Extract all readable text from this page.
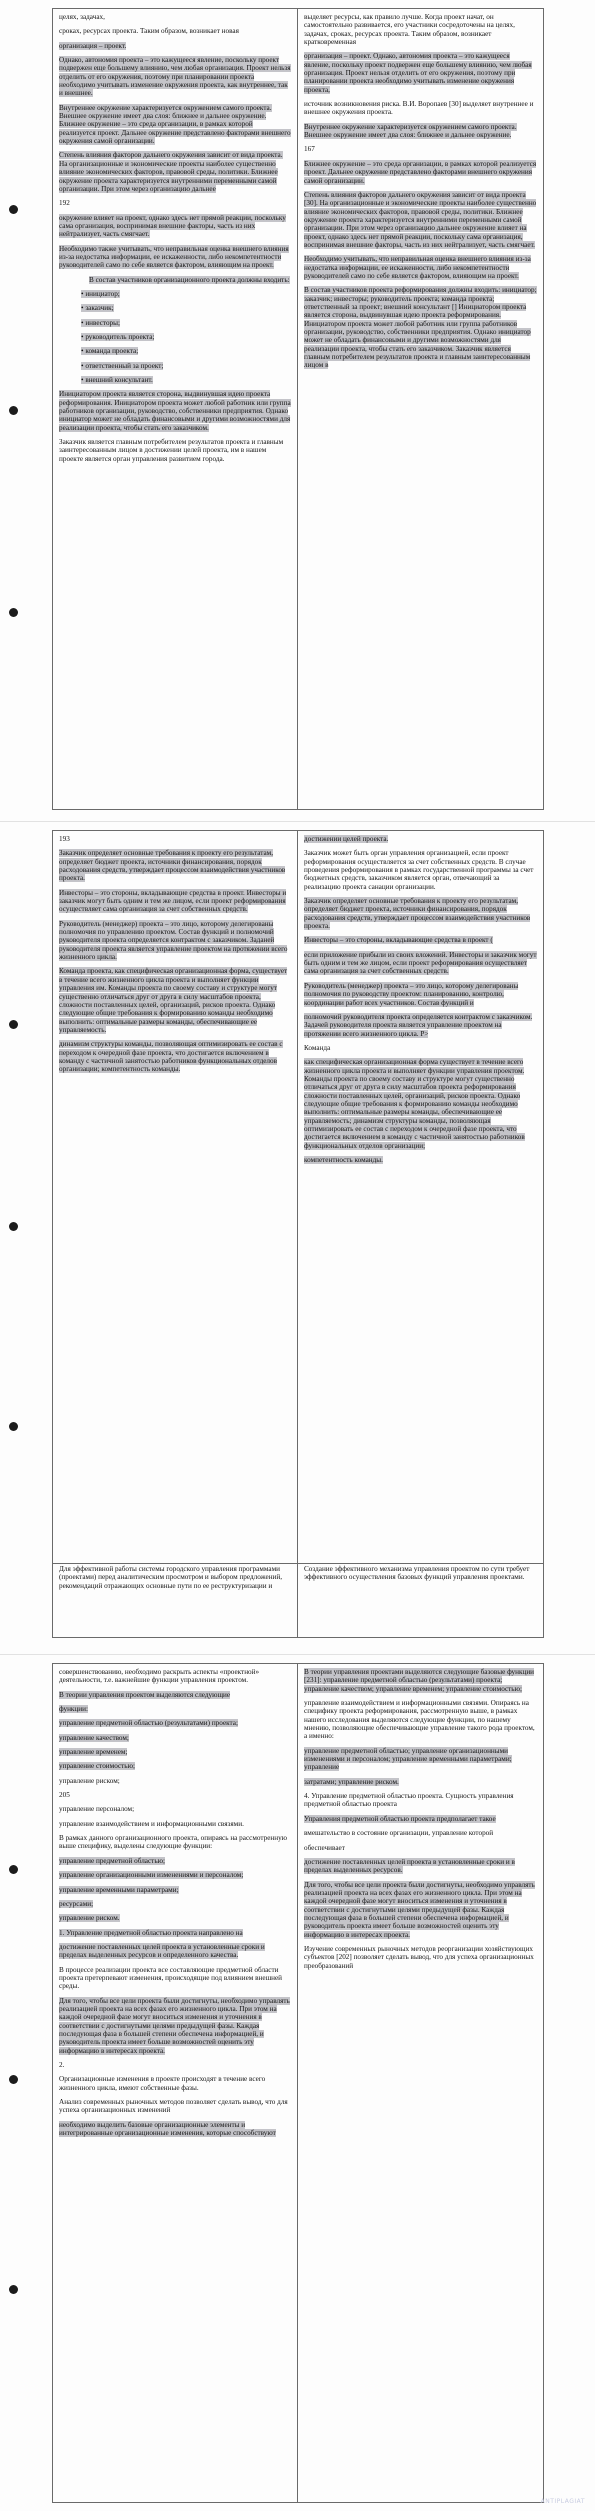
целях, задачах,

сроках, ресурсах проекта. Таким образом, возникает новая

организация – проект.

Однако, автономия проекта – это кажущееся явление, поскольку проект подвержен еще большему влиянию, чем любая организация. Проект нельзя отделить от его окружения, поэтому при планировании проекта необходимо учитывать изменение окружения проекта, как внутреннее, так и внешнее.

Внутреннее окружение характеризуется окружением самого проекта. Внешнее окружение имеет два слоя: ближнее и дальнее окружение. Ближнее окружение – это среда организации, в рамках которой реализуется проект. Дальнее окружение представлено факторами внешнего окружения самой организации.

Степень влияния факторов дальнего окружения зависит от вида проекта. На организационные и экономические проекты наиболее существенно влияние экономических факторов, правовой среды, политики. Ближнее окружение проекта характеризуется внутренними переменными самой организации. При этом через организацию дальнее

192

окружение влияет на проект, однако здесь нет прямой реакции, поскольку сама организация, воспринимая внешние факторы, часть из них нейтрализует, часть смягчает.

Необходимо также учитывать, что неправильная оценка внешнего влияния из-за недостатка информации, ее искаженности, либо некомпетентности руководителей само по себе является фактором, влияющим на проект.

В состав участников организационного проекта должны входить:

• инициатор;

• заказчик;

• инвесторы;

• руководитель проекта;

• команда проекта;

• ответственный за проект;

• внешний консультант.

Инициатором проекта является сторона, выдвинувшая идею проекта реформирования. Инициатором проекта может любой работник или группа работников организации, руководство, собственники предприятия. Однако инициатор может не обладать финансовыми и другими возможностями для реализации проекта, чтобы стать его заказчиком.

Заказчик является главным потребителем результатов проекта и главным заинтересованным лицом в достижении целей проекта, им в нашем проекте является орган управления развитием города.

выделяет ресурсы, как правило лучше. Когда проект начат, он самостоятельно развивается, его участники сосредоточены на целях, задачах, сроках, ресурсах проекта. Таким образом, возникает кратковременная

организация – проект. Однако, автономия проекта – это кажущееся явление, поскольку проект подвержен еще большему влиянию, чем любая организация. Проект нельзя отделить от его окружения, поэтому при планировании проекта необходимо учитывать изменение окружения проекта,

источник возникновения риска. В.И. Воропаев [30] выделяет внутреннее и внешнее окружения проекта.

Внутреннее окружение характеризуется окружением самого проекта. Внешнее окружение имеет два слоя: ближнее и дальнее окружение.

167

Ближнее окружение – это среда организации, в рамках которой реализуется проект. Дальнее окружение представлено факторами внешнего окружения самой организации.

Степень влияния факторов дальнего окружения зависит от вида проекта [30]. На организационные и экономические проекты наиболее существенно влияние экономических факторов, правовой среды, политики. Ближнее окружение проекта характеризуется внутренними переменными самой организации. При этом через организацию дальнее окружение влияет на проект, однако здесь нет прямой реакции, поскольку сама организация, воспринимая внешние факторы, часть из них нейтрализует, часть смягчает.

Необходимо учитывать, что неправильная оценка внешнего влияния из-за недостатка информации, ее искаженности, либо некомпетентности руководителей само по себе является фактором, влияющим на проект.

В состав участников проекта реформирования должны входить: инициатор; заказчик; инвесторы; руководитель проекта; команда проекта; ответственный за проект; внешний консультант [] Инициатором проекта является сторона, выдвинувшая идею проекта реформирования. Инициатором проекта может любой работник или группа работников организации, руководство, собственники предприятия. Однако инициатор может не обладать финансовыми и другими возможностями для реализации проекта, чтобы стать его заказчиком. Заказчик является главным потребителем результатов проекта и главным заинтересованным лицом в

193

Заказчик определяет основные требования к проекту его результатам, определяет бюджет проекта, источники финансирования, порядок расходования средств, утверждает процессом взаимодействия участников проекта.

Инвесторы – это стороны, вкладывающие средства в проект. Инвесторы и заказчик могут быть одним и тем же лицом, если проект реформирования осуществляет сама организация за счет собственных средств.

Руководитель (менеджер) проекта – это лицо, которому делегированы полномочия по управлению проектом. Состав функций и полномочий руководителя проекта определяется контрактом с заказчиком. Заданей руководителя проекта является управление проектом на протяжении всего жизненного цикла.

Команда проекта, как специфическая организационная форма, существует в течение всего жизненного цикла проекта и выполняет функции управления им. Команды проекта по своему составу и структуре могут существенно отличаться друг от друга в силу масштабов проекта, сложности поставленных целей, организаций, рисков проекта. Однако следующие общие требования к формированию команды необходимо выполнить: оптимальные размеры команды, обеспечивающие ее управляемость.

динамизм структуры команды, позволяющая оптимизировать ее состав с переходом к очередной фазе проекта, что достигается включением в команду с частичной занятостью работников функциональных отделов организации; компетентность команды.

достижении целей проекта.

Заказчик может быть орган управления организацией, если проект реформирования осуществляется за счет собственных средств. В случае проведения реформирования в рамках государственной программы за счет бюджетных средств, заказчиком является орган, отвечающий за реализацию проекта санации организации.

Заказчик определяет основные требования к проекту его результатам, определяет бюджет проекта, источники финансирования, порядок расходования средств, утверждает процессом взаимодействия участников проекта.

Инвесторы – это стороны, вкладывающие средства в проект (

если приложение прибыли из своих вложений. Инвесторы и заказчик могут быть одним и тем же лицом, если проект реформирования осуществляет сама организация за счет собственных средств.

Руководитель (менеджер) проекта – это лицо, которому делегированы полномочия по руководству проектом: планированию, контролю, координации работ всех участников. Состав функций и

полномочий руководителя проекта определяется контрактом с заказчиком. Задачей руководителя проекта является управление проектом на протяжении всего жизненного цикла. P>

Команда

как специфическая организационная форма существует в течение всего жизненного цикла проекта и выполняет функции управления проектом. Команды проекта по своему составу и структуре могут существенно отличаться друг от друга в силу масштабов проекта реформирования сложности поставленных целей, организаций, рисков проекта. Однако следующие общие требования к формированию команды необходимо выполнить: оптимальные размеры команды, обеспечивающие ее управляемость; динамизм структуры команды, позволяющая оптимизировать ее состав с переходом к очередной фазе проекта, что достигается включением в команду с частичной занятостью работников функциональных отделов организации;

компетентность команды.

Для эффективной работы системы городского управления программами (проектами) перед аналитическим просмотром и выбором предложений, рекомендаций отражающих основные пути по ее реструктуризации и

Создание эффективного механизма управления проектом по сути требует эффективного осуществления базовых функций управления проектами.

совершенствованию, необходимо раскрыть аспекты «проектной» деятельности, т.е. важнейшие функции управления проектом.

В теории управления проектом выделяются следующие

функции:

управление предметной областью (результатами) проекта;

управление качеством;

управление временем;

управление стоимостью;

управление риском;

205

управление персоналом;

управление взаимодействием и информационными связями.

В рамках данного организационного проекта, опираясь на рассмотренную выше специфику, выделены следующие функции:

управление предметной областью;

управление организационными изменениями и персоналом;

управление временными параметрами;

ресурсами;

управление риском.

1. Управление предметной областью проекта направлено на

достижение поставленных целей проекта в установленные сроки и пределах выделенных ресурсов и определенного качества.

В процессе реализации проекта все составляющие предметной области проекта претерпевают изменения, происходящие под влиянием внешней среды.

Для того, чтобы все цели проекта были достигнуты, необходимо управлять реализацией проекта на всех фазах его жизненного цикла. При этом на каждой очередной фазе могут вноситься изменения и уточнения в соответствии с достигнутыми целями предыдущей фазы. Каждая последующая фаза в большей степени обеспечена информацией, и руководитель проекта имеет больше возможностей оценить эту информацию в интересах проекта.

2.

Организационные изменения в проекте происходят в течение всего жизненного цикла, имеют собственные фазы.

Анализ современных рыночных методов позволяет сделать вывод, что для успеха организационных изменений

необходимо выделить базовые организационные элементы и интегрированные организационные изменения, которые способствуют

В теории управления проектами выделяются следующие базовые функции [231]: управление предметной областью (результатами) проекта; управление качеством; управление временем; управление стоимостью;

управление взаимодействием и информационными связями. Опираясь на специфику проекта реформирования, рассмотренную выше, в рамках нашего исследования выделяются следующие функции, по нашему мнению, позволяющие обеспечивающие управление такого рода проектом, а именно:

управление предметной областью; управление организационными изменениями и персоналом; управление временными параметрами; управление

затратами; управление риском.

4. Управление предметной областью проекта. Сущность управления предметной областью проекта

Управления предметной областью проекта предполагает такое

вмешательство в состояние организации, управление которой

обеспечивает

достижение поставленных целей проекта в установленные сроки и в пределах выделенных ресурсов.

Для того, чтобы все цели проекта были достигнуты, необходимо управлять реализацией проекта на всех фазах его жизненного цикла. При этом на каждой очередной фазе могут вноситься изменения и уточнения в соответствии с достигнутыми целями предыдущей фазы. Каждая последующая фаза в большей степени обеспечена информацией, и руководитель проекта имеет больше возможностей оценить эту информацию в интересах проекта.

Изучение современных рыночных методов реорганизации хозяйствующих субъектов [202] позволяет сделать вывод, что для успеха организационных преобразований

ANTIPLAGIAT
